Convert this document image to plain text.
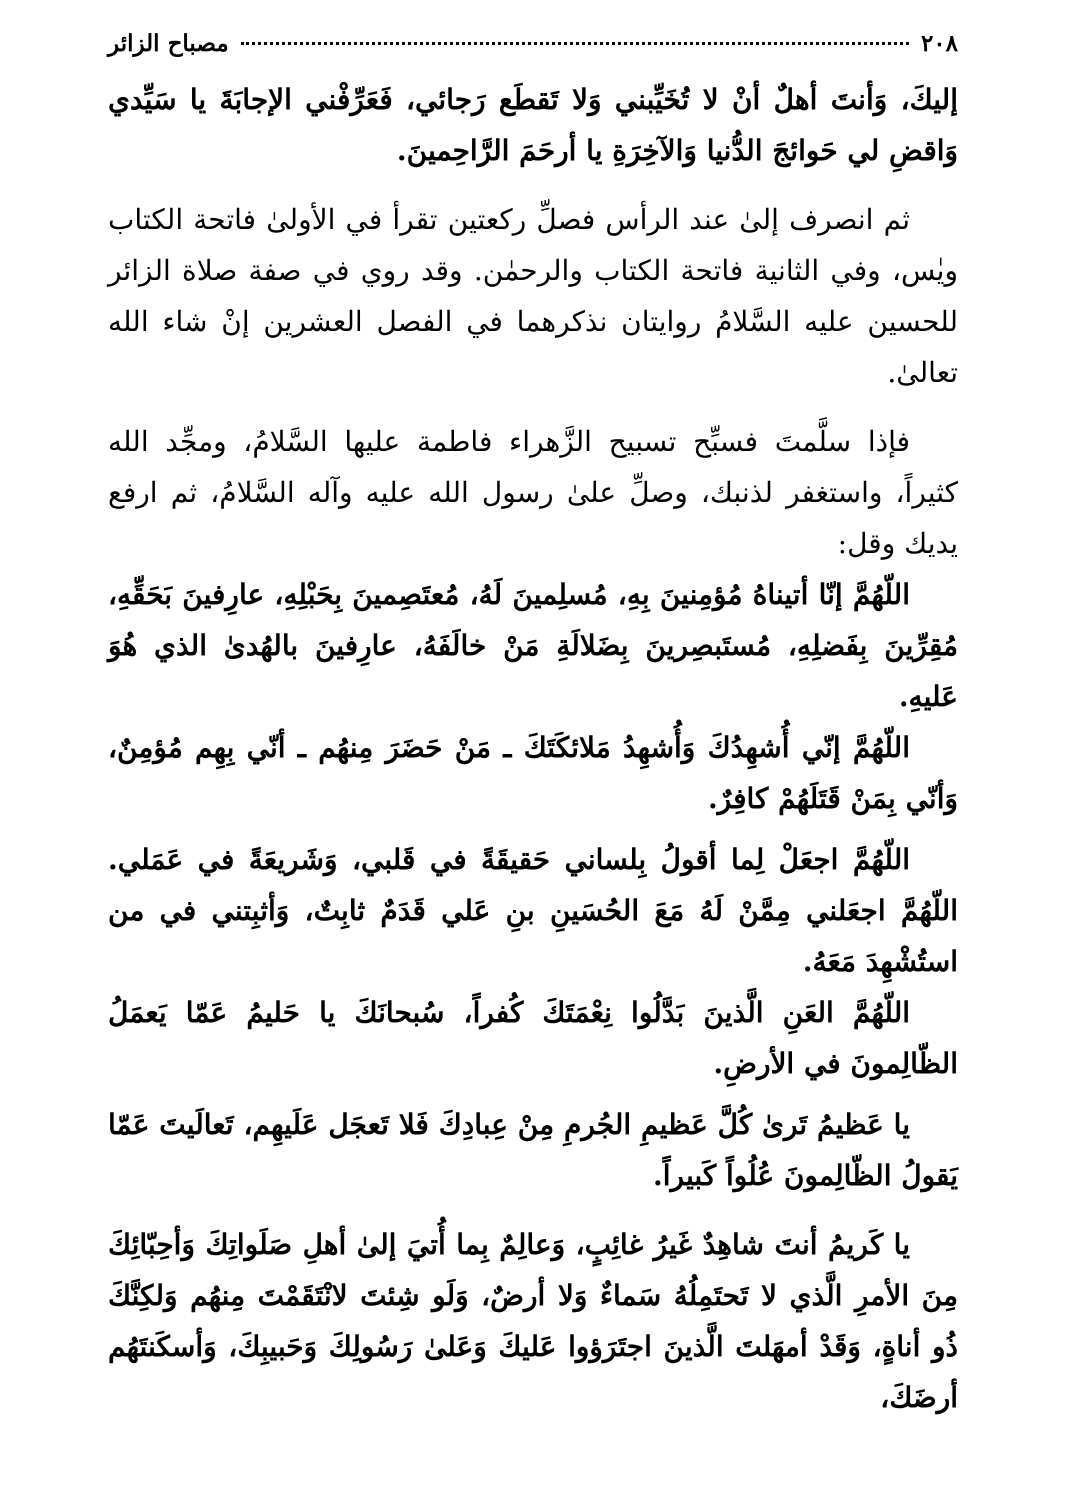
٢٠٨
مصباح الزائر

إليكَ، وَأنتَ أهلٌ أنْ لا تُخَيِّبني وَلا تَقطَع رَجائي، فَعَرِّفْني الإجابَةَ يا سَيِّدي وَاقضِ لي حَوائجَ الدُّنيا وَالآخِرَةِ يا أرحَمَ الرَّاحِمينَ.

ثم انصرف إلىٰ عند الرأس فصلِّ ركعتين تقرأ في الأولىٰ فاتحة الكتاب ويٰس، وفي الثانية فاتحة الكتاب والرحمٰن. وقد روي في صفة صلاة الزائر للحسين عليه السَّلامُ روايتان نذكرهما في الفصل العشرين إنْ شاء الله تعالىٰ.

فإذا سلَّمتَ فسبِّح تسبيح الزَّهراء فاطمة عليها السَّلامُ، ومجِّد الله كثيراً، واستغفر لذنبك، وصلِّ علىٰ رسول الله عليه وآله السَّلامُ، ثم ارفع يديك وقل:

اللّهُمَّ إنّا أتيناهُ مُؤمِنينَ بِهِ، مُسلِمينَ لَهُ، مُعتَصِمينَ بِحَبْلِهِ، عارِفينَ بَحَقِّهِ، مُقِرِّينَ بِفَضلِهِ، مُستَبصِرينَ بِضَلالَةِ مَنْ خالَفَهُ، عارِفينَ بالهُدىٰ الذي هُوَ عَليهِ.

اللّهُمَّ إنّي أُشهِدُكَ وَأُشهِدُ مَلائكَتَكَ ـ مَنْ حَضَرَ مِنهُم ـ أنّي بِهِم مُؤمِنٌ، وَأنّي بِمَنْ قَتَلَهُمْ كافِرٌ.

اللّهُمَّ اجعَلْ لِما أقولُ بِلساني حَقيقَةً في قَلبي، وَشَريعَةً في عَمَلي. اللّهُمَّ اجعَلني مِمَّنْ لَهُ مَعَ الحُسَينِ بنِ عَلي قَدَمٌ ثابِتٌ، وَأثبِتني في من استُشْهِدَ مَعَهُ.

اللّهُمَّ العَنِ الَّذينَ بَدَّلُوا نِعْمَتَكَ كُفراً، سُبحانَكَ يا حَليمُ عَمّا يَعمَلُ الظّالِمونَ في الأرضِ.

يا عَظيمُ تَرىٰ كُلَّ عَظيمِ الجُرمِ مِنْ عِبادِكَ فَلا تَعجَل عَلَيهِم، تَعالَيتَ عَمّا يَقولُ الظّالِمونَ عُلُواً كَبيراً.

يا كَريمُ أنتَ شاهِدٌ غَيرُ غائِبٍ، وَعالِمٌ بِما أُتيَ إلىٰ أهلِ صَلَواتِكَ وَأحِبّائِكَ مِنَ الأمرِ الَّذي لا تَحتَمِلُهُ سَماءٌ وَلا أرضٌ، وَلَو شِئتَ لانْتَقَمْتَ مِنهُم وَلكِنَّكَ ذُو أناةٍ، وَقَدْ أمهَلتَ الَّذينَ اجتَرَؤوا عَليكَ وَعَلىٰ رَسُولِكَ وَحَبيبِكَ، وَأسكَنتَهُم أرضَكَ،
